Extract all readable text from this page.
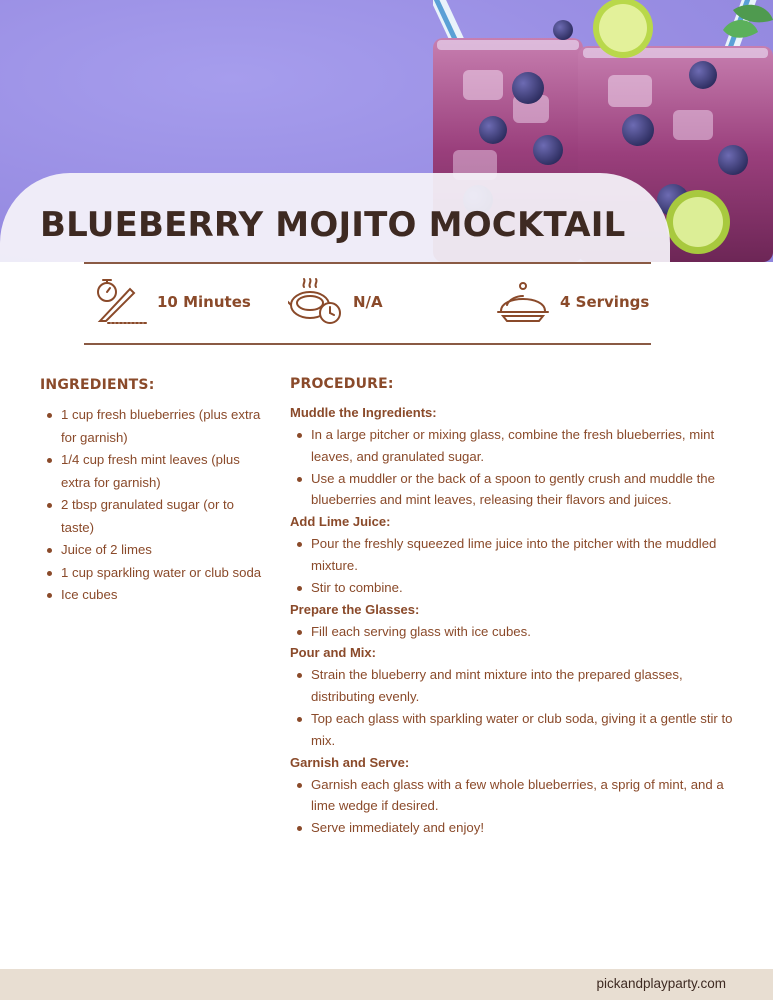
BLUEBERRY MOJITO MOCKTAIL
10 Minutes	N/A	4 Servings
INGREDIENTS:
1 cup fresh blueberries (plus extra for garnish)
1/4 cup fresh mint leaves (plus extra for garnish)
2 tbsp granulated sugar (or to taste)
Juice of 2 limes
1 cup sparkling water or club soda
Ice cubes
PROCEDURE:
Muddle the Ingredients:
In a large pitcher or mixing glass, combine the fresh blueberries, mint leaves, and granulated sugar.
Use a muddler or the back of a spoon to gently crush and muddle the blueberries and mint leaves, releasing their flavors and juices.
Add Lime Juice:
Pour the freshly squeezed lime juice into the pitcher with the muddled mixture.
Stir to combine.
Prepare the Glasses:
Fill each serving glass with ice cubes.
Pour and Mix:
Strain the blueberry and mint mixture into the prepared glasses, distributing evenly.
Top each glass with sparkling water or club soda, giving it a gentle stir to mix.
Garnish and Serve:
Garnish each glass with a few whole blueberries, a sprig of mint, and a lime wedge if desired.
Serve immediately and enjoy!
pickandplayparty.com
